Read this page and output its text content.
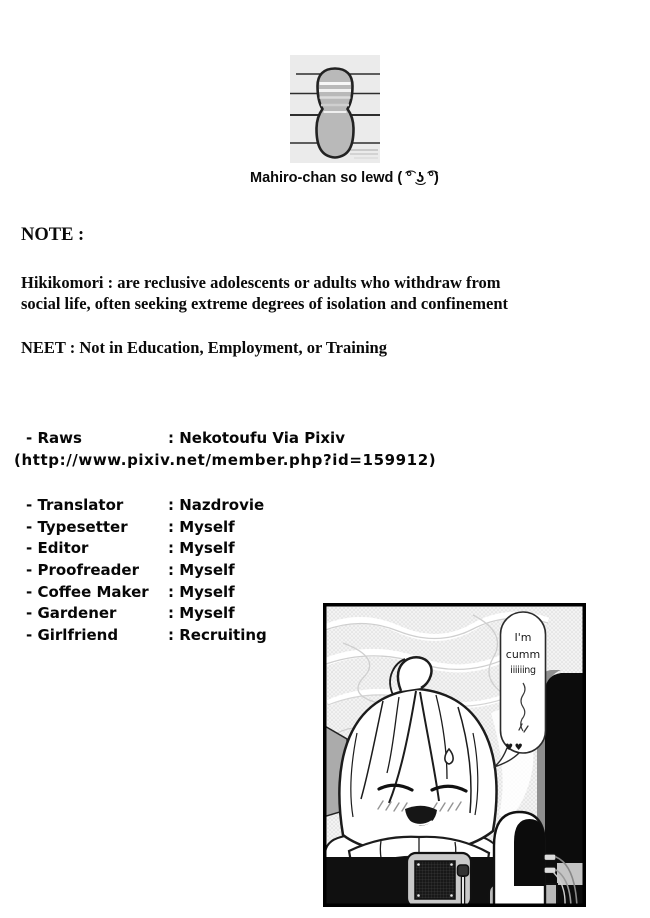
Mahiro-chan so lewd ( ͡° ͜ʖ ͡°)
NOTE :
Hikikomori : are reclusive adolescents or adults who withdraw from
social life, often seeking extreme degrees of isolation and confinement
NEET : Not in Education, Employment, or Training
- Raws	: Nekotoufu Via Pixiv
(http://www.pixiv.net/member.php?id=159912)
- Translator	: Nazdrovie
- Typesetter	: Myself
- Editor	: Myself
- Proofreader	: Myself
- Coffee Maker	: Myself
- Gardener	: Myself
- Girlfriend	: Recruiting	I'm
cumm
iiiiiing
♥♥
